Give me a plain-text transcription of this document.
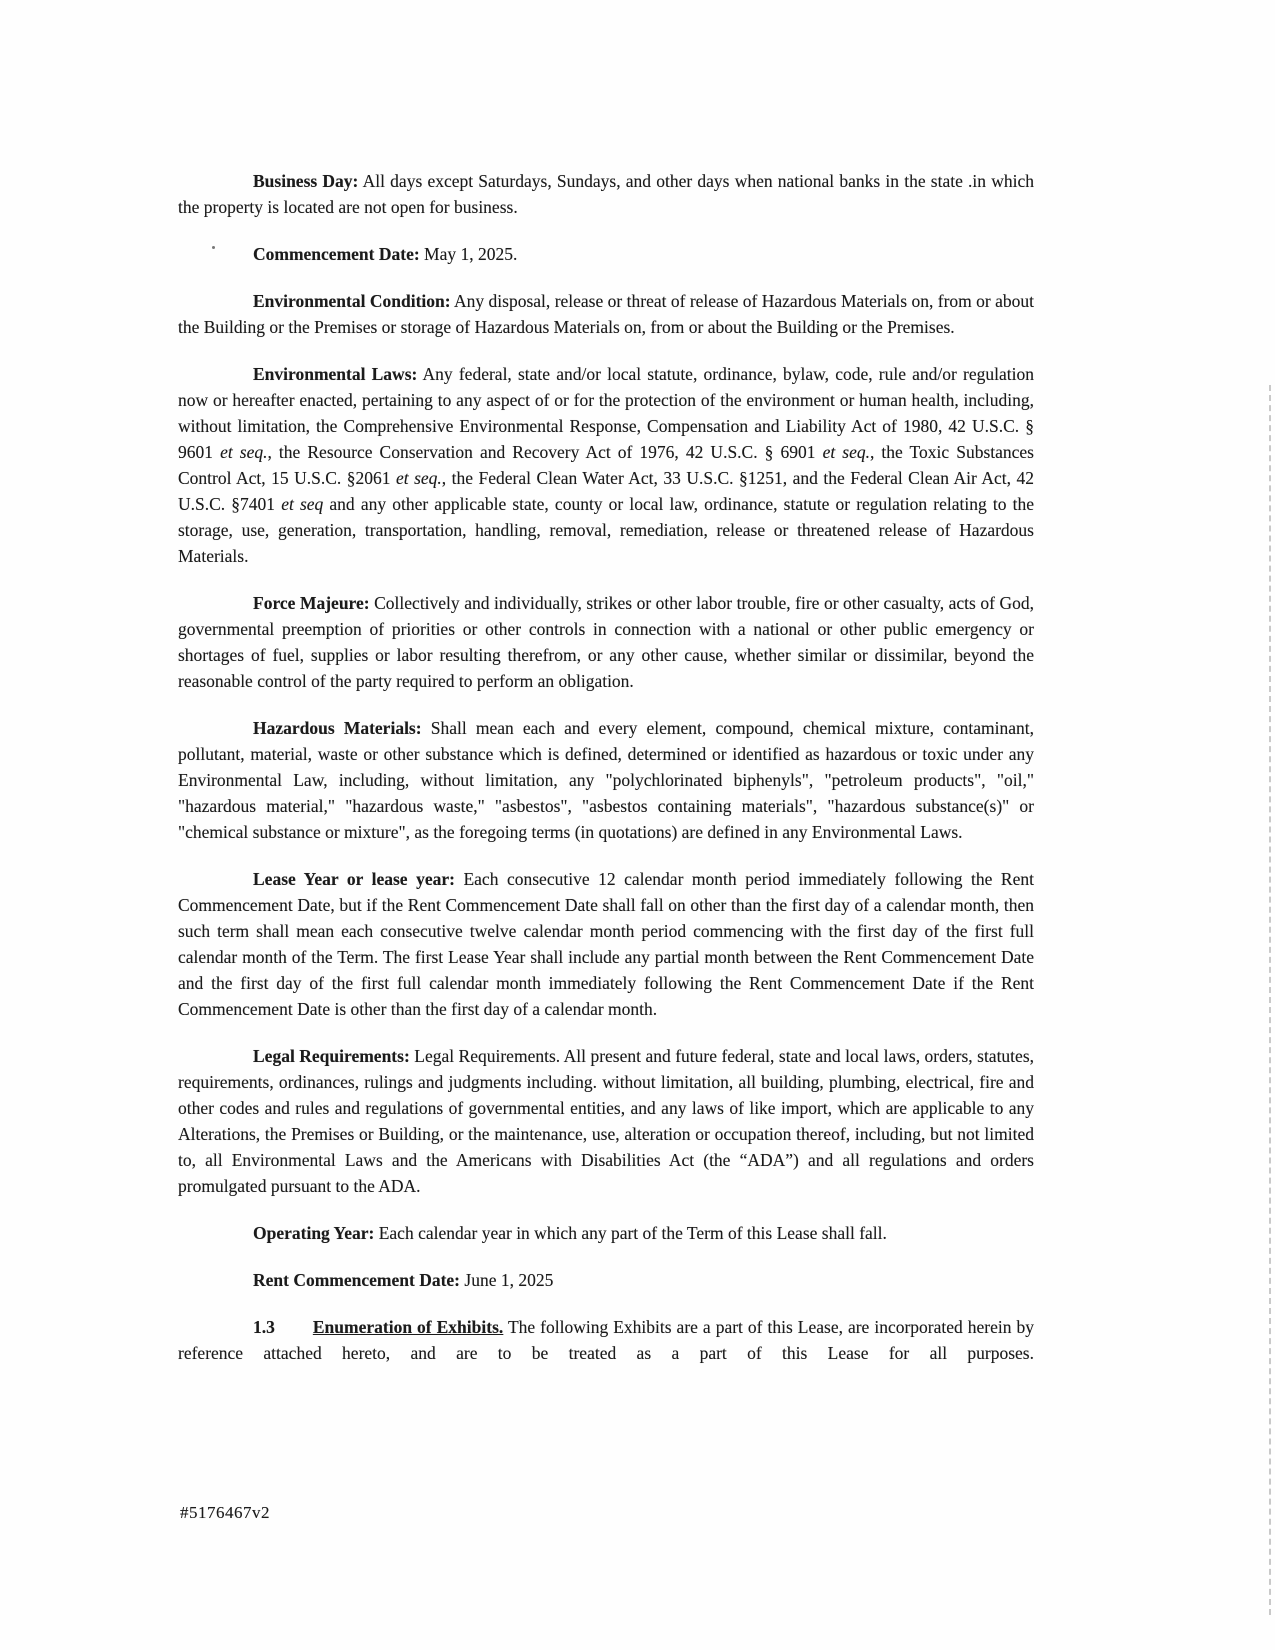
Business Day: All days except Saturdays, Sundays, and other days when national banks in the state .in which the property is located are not open for business.

Commencement Date: May 1, 2025.

Environmental Condition: Any disposal, release or threat of release of Hazardous Materials on, from or about the Building or the Premises or storage of Hazardous Materials on, from or about the Building or the Premises.

Environmental Laws: Any federal, state and/or local statute, ordinance, bylaw, code, rule and/or regulation now or hereafter enacted, pertaining to any aspect of or for the protection of the environment or human health, including, without limitation, the Comprehensive Environmental Response, Compensation and Liability Act of 1980, 42 U.S.C. § 9601 et seq., the Resource Conservation and Recovery Act of 1976, 42 U.S.C. § 6901 et seq., the Toxic Substances Control Act, 15 U.S.C. §2061 et seq., the Federal Clean Water Act, 33 U.S.C. §1251, and the Federal Clean Air Act, 42 U.S.C. §7401 et seq and any other applicable state, county or local law, ordinance, statute or regulation relating to the storage, use, generation, transportation, handling, removal, remediation, release or threatened release of Hazardous Materials.

Force Majeure: Collectively and individually, strikes or other labor trouble, fire or other casualty, acts of God, governmental preemption of priorities or other controls in connection with a national or other public emergency or shortages of fuel, supplies or labor resulting therefrom, or any other cause, whether similar or dissimilar, beyond the reasonable control of the party required to perform an obligation.

Hazardous Materials: Shall mean each and every element, compound, chemical mixture, contaminant, pollutant, material, waste or other substance which is defined, determined or identified as hazardous or toxic under any Environmental Law, including, without limitation, any "polychlorinated biphenyls", "petroleum products", "oil," "hazardous material," "hazardous waste," "asbestos", "asbestos containing materials", "hazardous substance(s)" or "chemical substance or mixture", as the foregoing terms (in quotations) are defined in any Environmental Laws.

Lease Year or lease year: Each consecutive 12 calendar month period immediately following the Rent Commencement Date, but if the Rent Commencement Date shall fall on other than the first day of a calendar month, then such term shall mean each consecutive twelve calendar month period commencing with the first day of the first full calendar month of the Term. The first Lease Year shall include any partial month between the Rent Commencement Date and the first day of the first full calendar month immediately following the Rent Commencement Date if the Rent Commencement Date is other than the first day of a calendar month.

Legal Requirements: Legal Requirements. All present and future federal, state and local laws, orders, statutes, requirements, ordinances, rulings and judgments including. without limitation, all building, plumbing, electrical, fire and other codes and rules and regulations of governmental entities, and any laws of like import, which are applicable to any Alterations, the Premises or Building, or the maintenance, use, alteration or occupation thereof, including, but not limited to, all Environmental Laws and the Americans with Disabilities Act (the “ADA”) and all regulations and orders promulgated pursuant to the ADA.

Operating Year: Each calendar year in which any part of the Term of this Lease shall fall.

Rent Commencement Date: June 1, 2025

1.3 Enumeration of Exhibits. The following Exhibits are a part of this Lease, are incorporated herein by reference attached hereto, and are to be treated as a part of this Lease for all purposes.

#5176467v2
